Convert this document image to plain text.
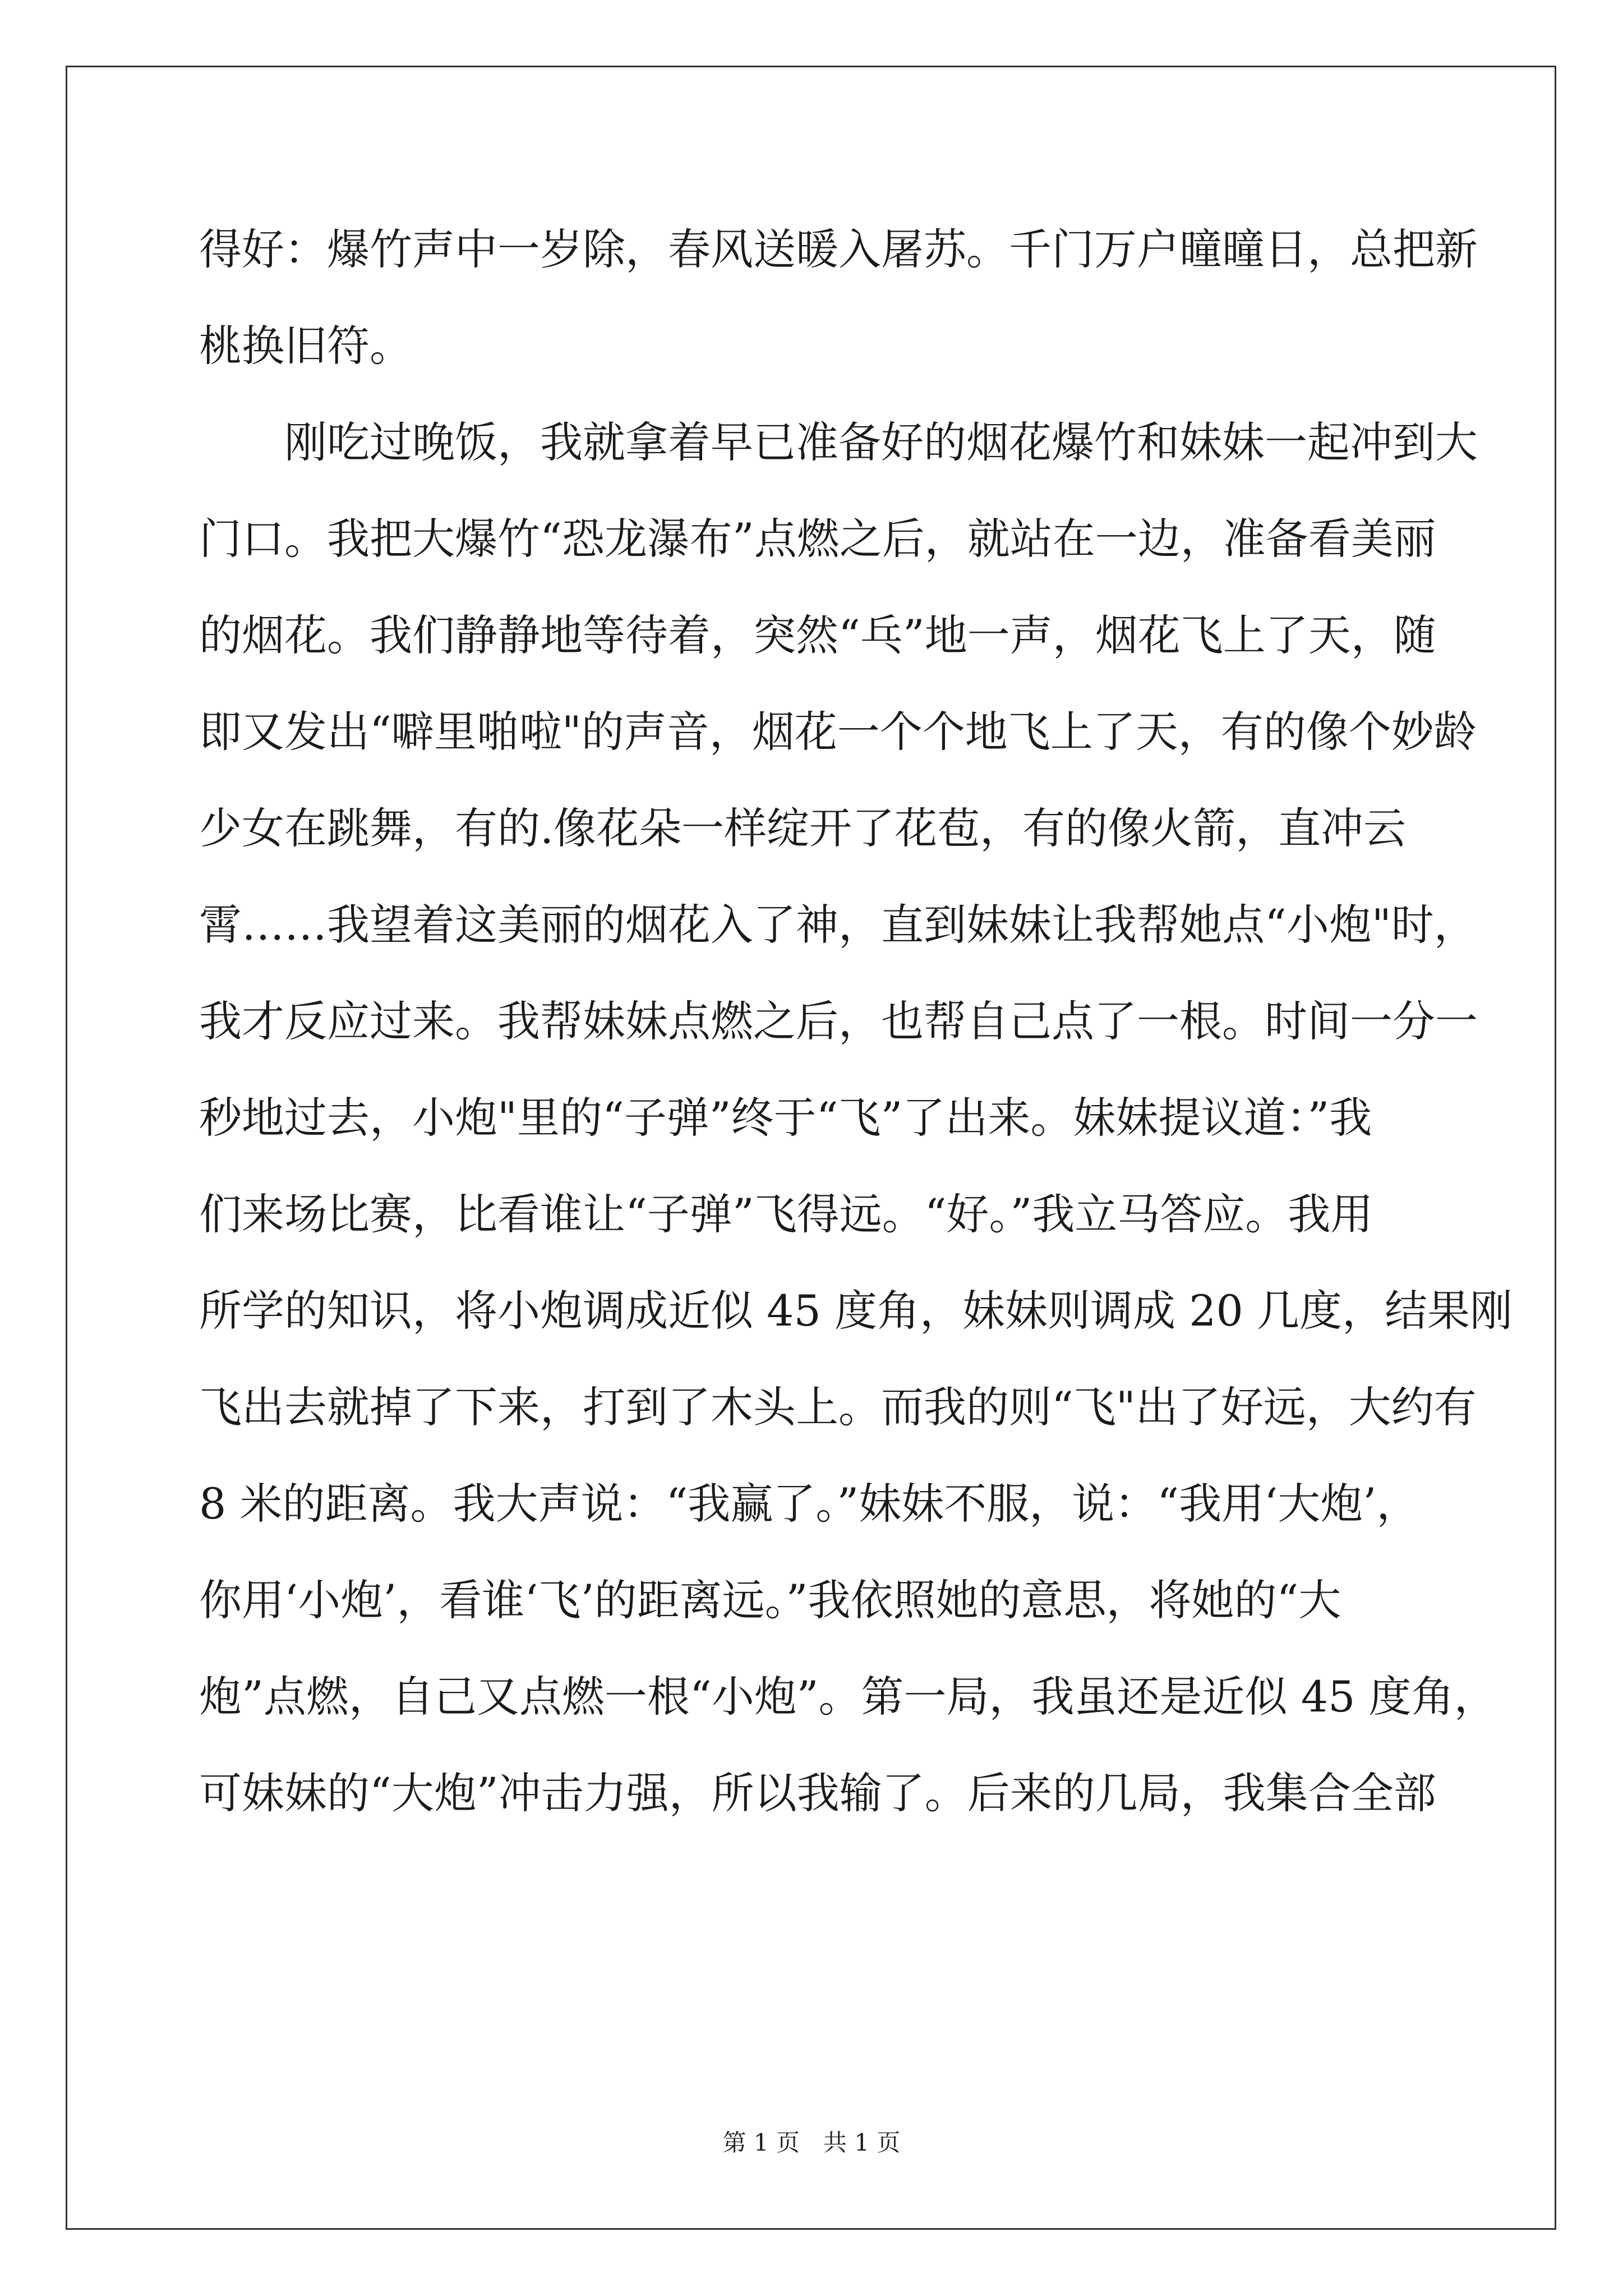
得好：爆竹声中一岁除，春风送暖入屠苏。千门万户曈曈日，总把新
桃换旧符。
　　刚吃过晚饭，我就拿着早已准备好的烟花爆竹和妹妹一起冲到大
门口。我把大爆竹“恐龙瀑布”点燃之后，就站在一边，准备看美丽
的烟花。我们静静地等待着，突然“乓”地一声，烟花飞上了天，随
即又发出“噼里啪啦"的声音，烟花一个个地飞上了天，有的像个妙龄
少女在跳舞，有的.像花朵一样绽开了花苞，有的像火箭，直冲云
霄……我望着这美丽的烟花入了神，直到妹妹让我帮她点“小炮"时，
我才反应过来。我帮妹妹点燃之后，也帮自己点了一根。时间一分一
秒地过去，小炮"里的“子弹”终于“飞”了出来。妹妹提议道：”我
们来场比赛，比看谁让“子弹”飞得远。“好。”我立马答应。我用
所学的知识，将小炮调成近似 45 度角，妹妹则调成 20 几度，结果刚
飞出去就掉了下来，打到了木头上。而我的则“飞"出了好远，大约有
8 米的距离。我大声说：“我赢了。”妹妹不服，说：“我用‘大炮’，
你用‘小炮’，看谁‘飞’的距离远。”我依照她的意思，将她的“大
炮”点燃，自己又点燃一根“小炮”。第一局，我虽还是近似 45 度角，
可妹妹的“大炮”冲击力强，所以我输了。后来的几局，我集合全部
第 1 页　共 1 页
